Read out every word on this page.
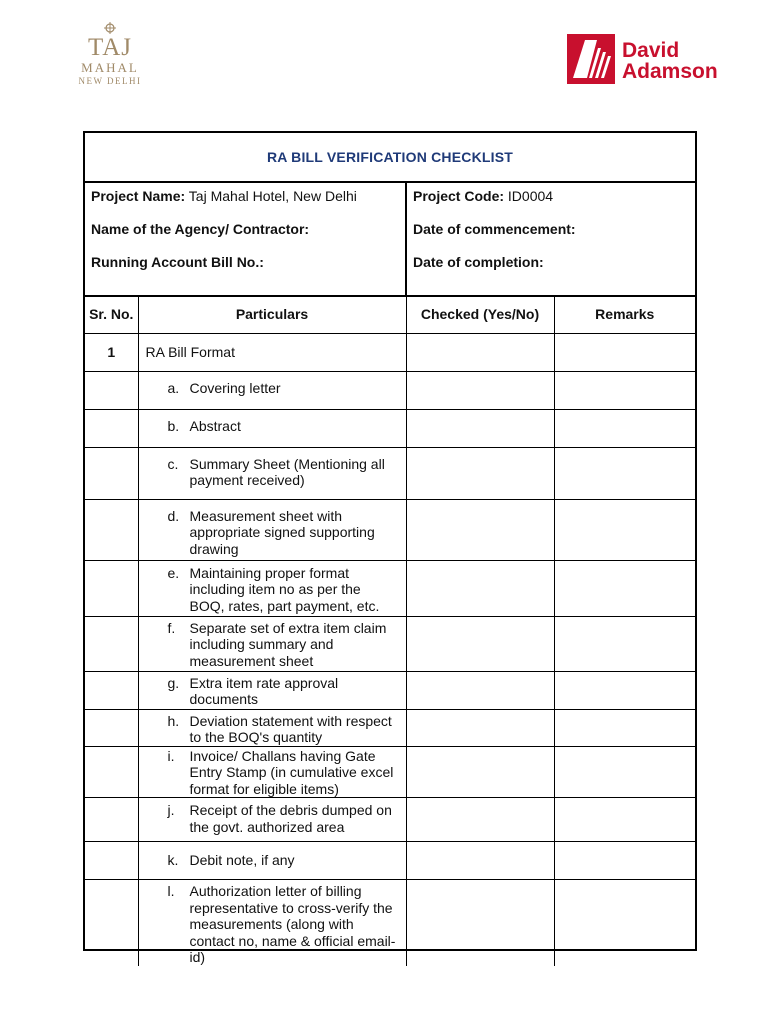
TAJ
MAHAL
NEW DELHI
David
Adamson
RA BILL VERIFICATION CHECKLIST
Project Name: Taj Mahal Hotel, New Delhi	Project Code: ID0004
Name of the Agency/ Contractor:	Date of commencement:
Running Account Bill No.:	Date of completion:
Sr. No.	Particulars	Checked (Yes/No)	Remarks
1	RA Bill Format		

	a. Covering letter		

	b. Abstract		

	c. Summary Sheet (Mentioning all payment received)		

	d. Measurement sheet with appropriate signed supporting drawing		

	e. Maintaining proper format including item no as per the BOQ, rates, part payment, etc.		

	f. Separate set of extra item claim including summary and measurement sheet		

	g. Extra item rate approval documents		

	h. Deviation statement with respect to the BOQ's quantity		

	i. Invoice/ Challans having Gate Entry Stamp (in cumulative excel format for eligible items)		

	j. Receipt of the debris dumped on the govt. authorized area		

	k. Debit note, if any		

	l. Authorization letter of billing representative to cross-verify the measurements (along with contact no, name & official email-id)		
